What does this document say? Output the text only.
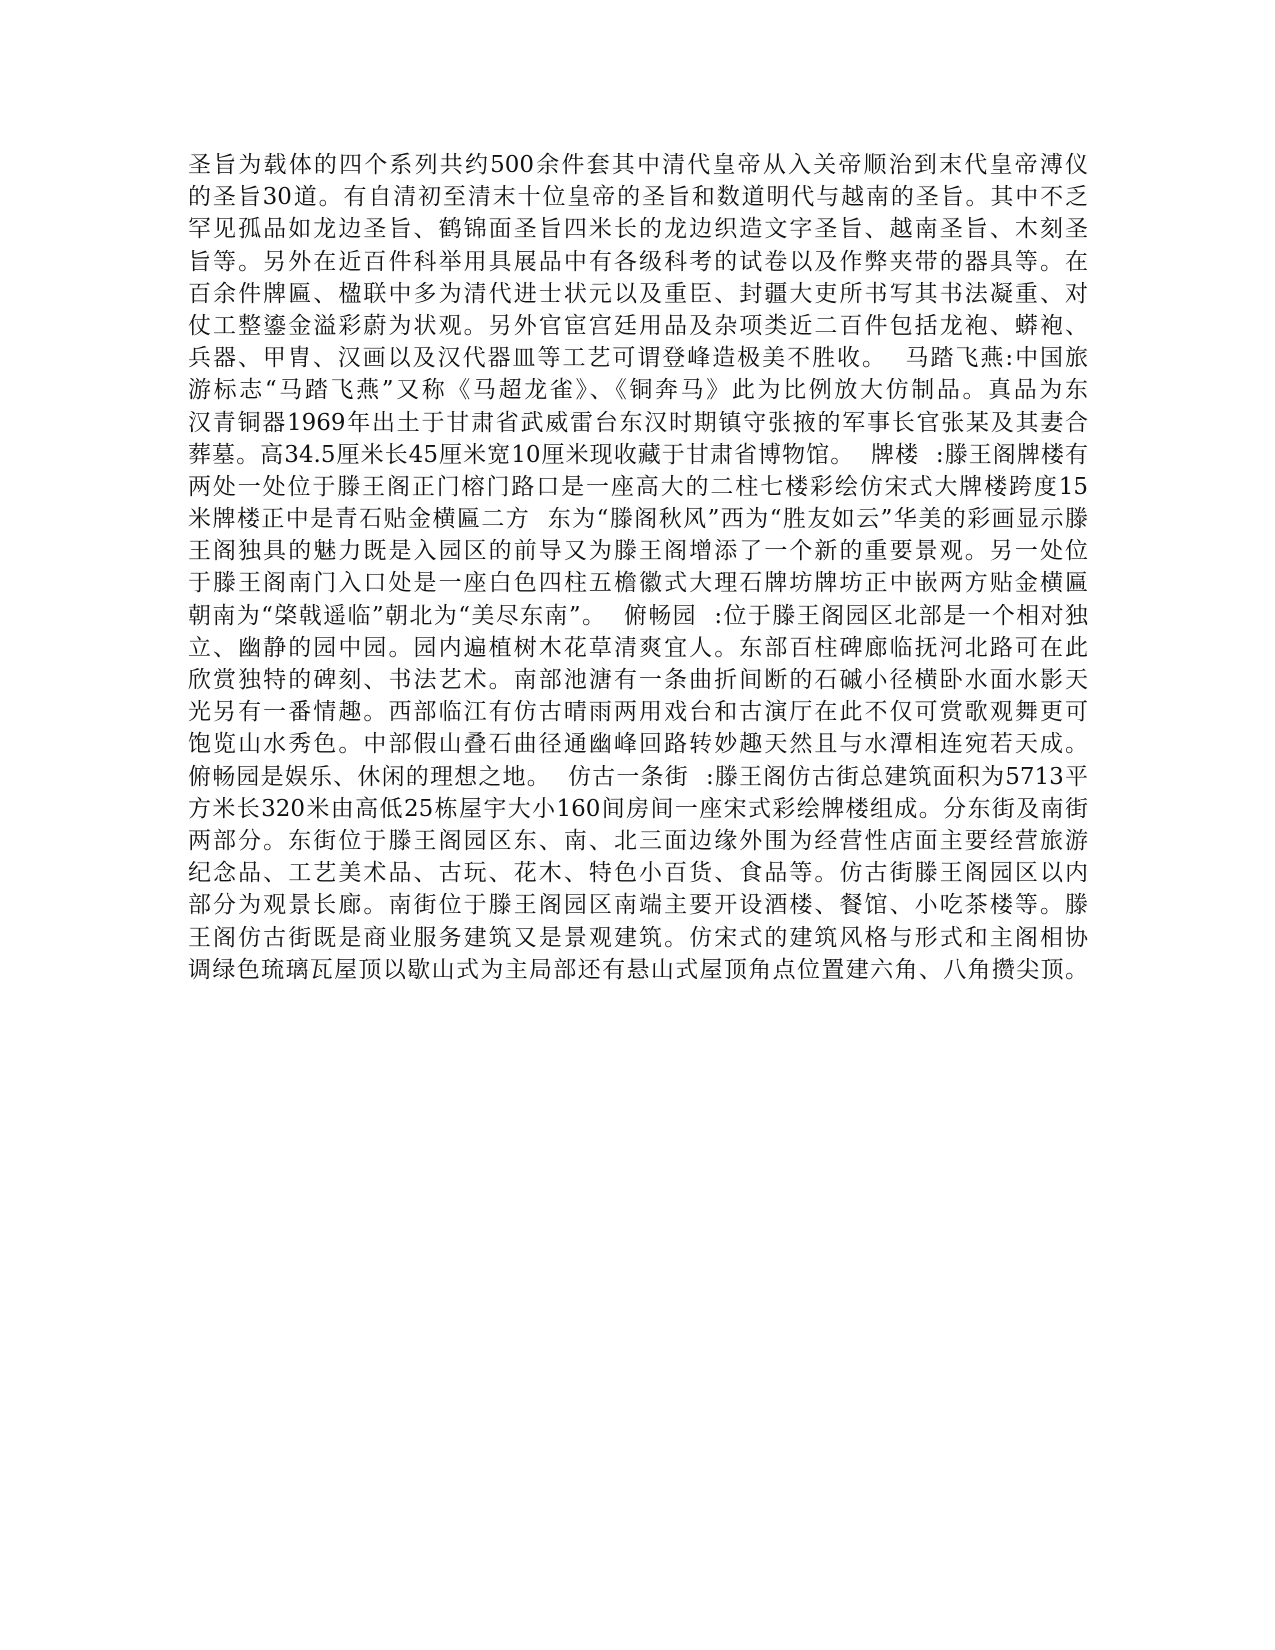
圣旨为载体的四个系列共约500余件套其中清代皇帝从入关帝顺治到末代皇帝溥仪
的圣旨30道。有自清初至清末十位皇帝的圣旨和数道明代与越南的圣旨。其中不乏
罕见孤品如龙边圣旨、鹤锦面圣旨四米长的龙边织造文字圣旨、越南圣旨、木刻圣
旨等。另外在近百件科举用具展品中有各级科考的试卷以及作弊夹带的器具等。在
百余件牌匾、楹联中多为清代进士状元以及重臣、封疆大吏所书写其书法凝重、对
仗工整鎏金溢彩蔚为状观。另外官宦宫廷用品及杂项类近二百件包括龙袍、蟒袍、
兵器、甲胄、汉画以及汉代器皿等工艺可谓登峰造极美不胜收。  马踏飞燕:中国旅
游标志“马踏飞燕”又称《马超龙雀》、《铜奔马》此为比例放大仿制品。真品为东
汉青铜器1969年出土于甘肃省武威雷台东汉时期镇守张掖的军事长官张某及其妻合
葬墓。高34.5厘米长45厘米宽10厘米现收藏于甘肃省博物馆。  牌楼  :滕王阁牌楼有
两处一处位于滕王阁正门榕门路口是一座高大的二柱七楼彩绘仿宋式大牌楼跨度15
米牌楼正中是青石贴金横匾二方  东为“滕阁秋风”西为“胜友如云”华美的彩画显示滕
王阁独具的魅力既是入园区的前导又为滕王阁增添了一个新的重要景观。另一处位
于滕王阁南门入口处是一座白色四柱五檐徽式大理石牌坊牌坊正中嵌两方贴金横匾
朝南为“棨戟遥临”朝北为“美尽东南”。  俯畅园  :位于滕王阁园区北部是一个相对独
立、幽静的园中园。园内遍植树木花草清爽宜人。东部百柱碑廊临抚河北路可在此
欣赏独特的碑刻、书法艺术。南部池溏有一条曲折间断的石磩小径横卧水面水影天
光另有一番情趣。西部临江有仿古晴雨两用戏台和古演厅在此不仅可赏歌观舞更可
饱览山水秀色。中部假山叠石曲径通幽峰回路转妙趣天然且与水潭相连宛若天成。
俯畅园是娱乐、休闲的理想之地。  仿古一条街  :滕王阁仿古街总建筑面积为5713平
方米长320米由高低25栋屋宇大小160间房间一座宋式彩绘牌楼组成。分东街及南街
两部分。东街位于滕王阁园区东、南、北三面边缘外围为经营性店面主要经营旅游
纪念品、工艺美术品、古玩、花木、特色小百货、食品等。仿古街滕王阁园区以内
部分为观景长廊。南街位于滕王阁园区南端主要开设酒楼、餐馆、小吃茶楼等。滕
王阁仿古街既是商业服务建筑又是景观建筑。仿宋式的建筑风格与形式和主阁相协
调绿色琉璃瓦屋顶以歇山式为主局部还有悬山式屋顶角点位置建六角、八角攒尖顶。
